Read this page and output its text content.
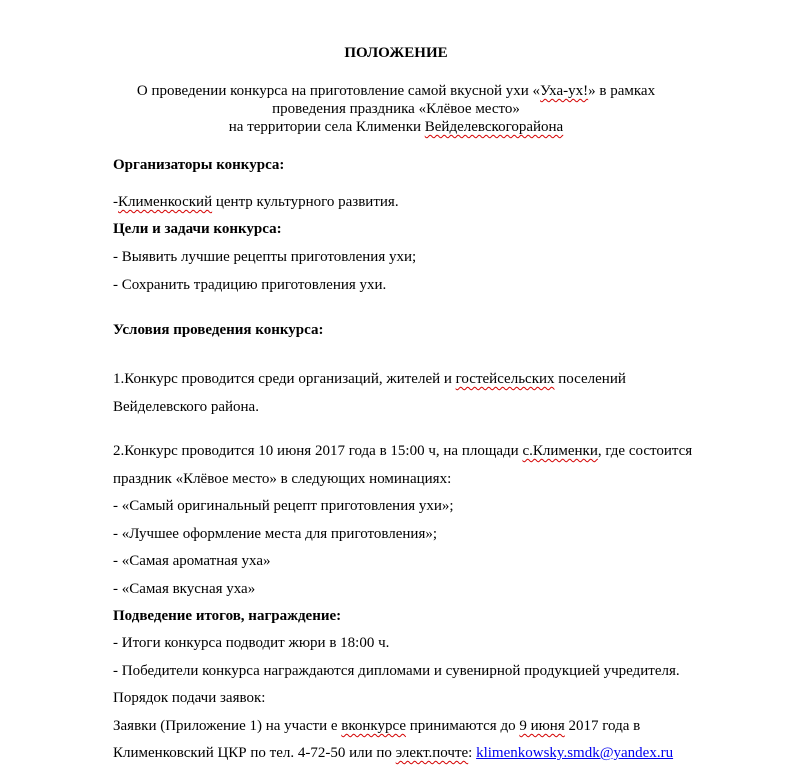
ПОЛОЖЕНИЕ
О проведении конкурса на приготовление самой вкусной ухи «Уха-ух!» в рамках
проведения праздника «Клёвое место»
на территории села Клименки Вейделевскогорайона
Организаторы конкурса:
-Клименкоский центр культурного развития.
Цели и задачи конкурса:
- Выявить лучшие рецепты приготовления ухи;
- Сохранить традицию приготовления ухи.
Условия проведения конкурса:
1.Конкурс проводится среди организаций, жителей и гостейсельских поселений
Вейделевского района.
2.Конкурс проводится 10 июня 2017 года в 15:00 ч, на площади с.Клименки, где состоится
праздник «Клёвое место» в следующих номинациях:
- «Самый оригинальный рецепт приготовления ухи»;
- «Лучшее оформление места для приготовления»;
- «Самая ароматная уха»
- «Самая вкусная уха»
Подведение итогов, награждение:
- Итоги конкурса подводит жюри в 18:00 ч.
- Победители конкурса награждаются дипломами и сувенирной продукцией учредителя.
Порядок подачи заявок:
Заявки (Приложение 1) на участи е вконкурсе принимаются до 9 июня 2017 года в
Клименковский ЦКР по тел. 4-72-50 или по элект.почте: klimenkowsky.smdk@yandex.ru
